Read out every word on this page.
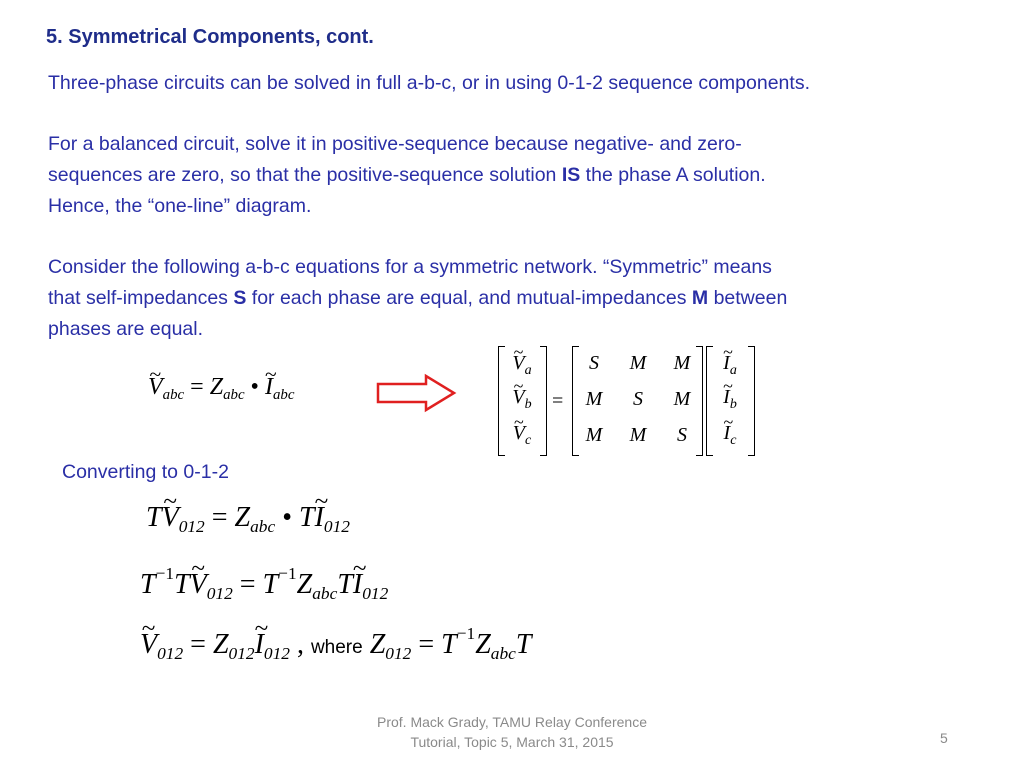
5. Symmetrical Components, cont.

Three-phase circuits can be solved in full a-b-c, or in using 0-1-2 sequence components.

For a balanced circuit, solve it in positive-sequence because negative- and zero-
sequences are zero, so that the positive-sequence solution IS the phase A solution.
Hence, the “one-line” diagram.

Consider the following a-b-c equations for a symmetric network. “Symmetric” means
that self-impedances S for each phase are equal, and mutual-impedances M between
phases are equal.

~ $V_{abc} = Z_{abc}$ • ~ $I_{abc}$
~ $V_a$
~ $V_b$
~ $V_c$
=
S	M	M
M	S	M
M	M	S
~ $I_a$
~ $I_b$
~ $I_c$
Converting to 0-1-2
T~ $V_{012} = Z_{abc}$ • T~ $I_{012}$
$T^{-1}T\sim$ $V_{012}$ = $T^{-1}Z_{abc}T\sim$ $I_{012}$
~ $V_{012}$ = $Z_{012}\sim$ $I_{012}$ , where $Z_{012} = T^{-1}Z_{abc}T$
Prof. Mack Grady, TAMU Relay Conference
Tutorial, Topic 5, March 31, 2015	5
